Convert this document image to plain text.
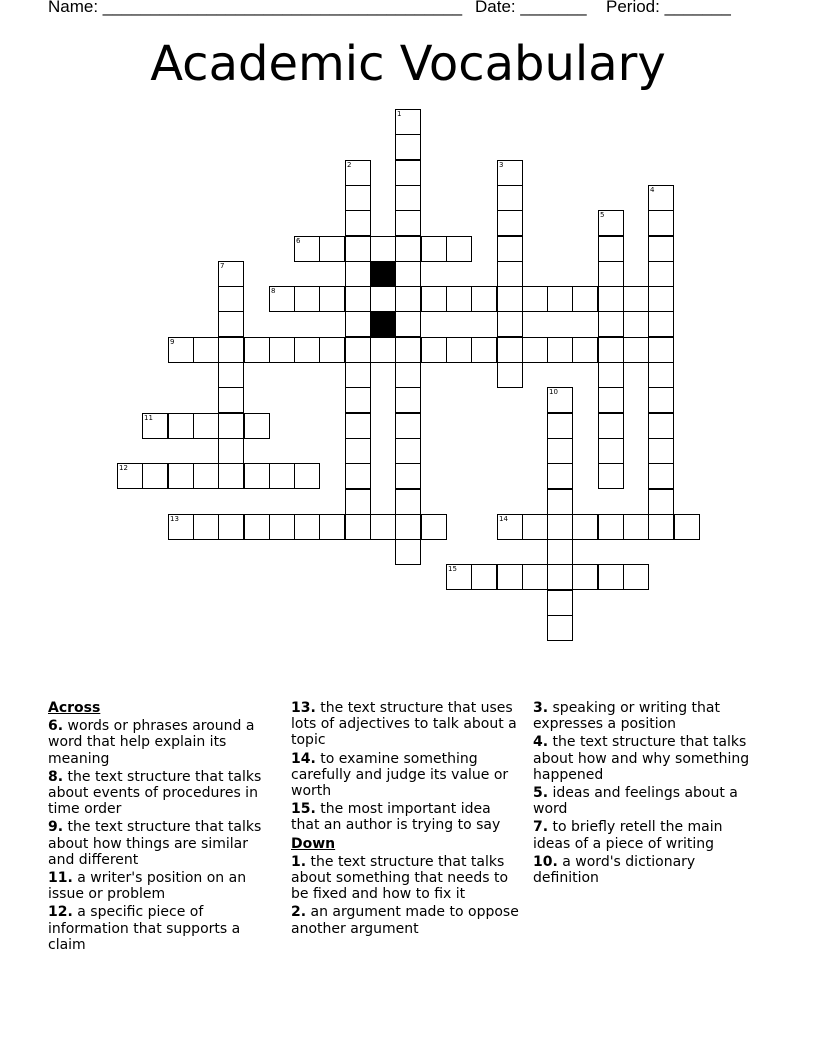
Name: ______________________________________ Date: _______ Period: _______
Academic Vocabulary
1
2	3
4
5
6
7
8
9
10
11
12
13	14
15
Across
6. words or phrases around a word that help explain its meaning
8. the text structure that talks about events of procedures in time order
9. the text structure that talks about how things are similar and different
11. a writer's position on an issue or problem
12. a specific piece of information that supports a claim
13. the text structure that uses lots of adjectives to talk about a topic
14. to examine something carefully and judge its value or worth
15. the most important idea that an author is trying to say
Down
1. the text structure that talks about something that needs to be fixed and how to fix it
2. an argument made to oppose another argument
3. speaking or writing that expresses a position
4. the text structure that talks about how and why something happened
5. ideas and feelings about a word
7. to briefly retell the main ideas of a piece of writing
10. a word's dictionary definition
